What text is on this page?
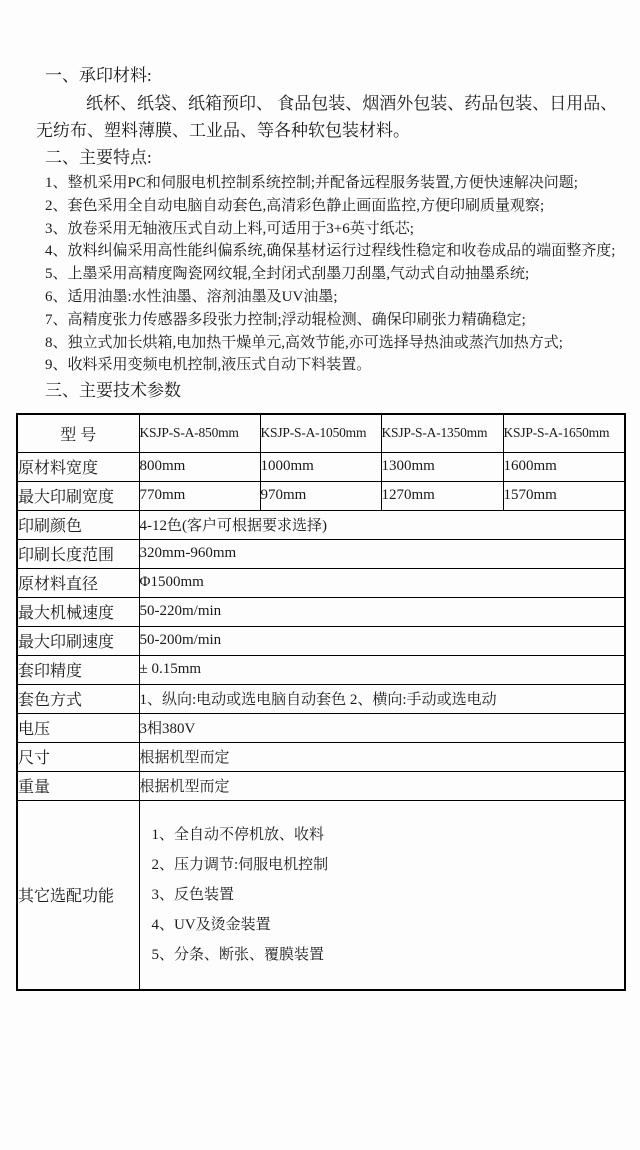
一、承印材料:

纸杯、纸袋、纸箱预印、 食品包装、烟酒外包装、药品包装、日用品、无纺布、塑料薄膜、工业品、等各种软包装材料。

二、主要特点:

1、整机采用PC和伺服电机控制系统控制;并配备远程服务装置,方便快速解决问题;
2、套色采用全自动电脑自动套色,高清彩色静止画面监控,方便印刷质量观察;
3、放卷采用无轴液压式自动上料,可适用于3+6英寸纸芯;
4、放料纠偏采用高性能纠偏系统,确保基材运行过程线性稳定和收卷成品的端面整齐度;
5、上墨采用高精度陶瓷网纹辊,全封闭式刮墨刀刮墨,气动式自动抽墨系统;
6、适用油墨:水性油墨、溶剂油墨及UV油墨;
7、高精度张力传感器多段张力控制;浮动辊检测、确保印刷张力精确稳定;
8、独立式加长烘箱,电加热干燥单元,高效节能,亦可选择导热油或蒸汽加热方式;
9、收料采用变频电机控制,液压式自动下料装置。

三、主要技术参数

型 号	KSJP-S-A-850mm	KSJP-S-A-1050mm	KSJP-S-A-1350mm	KSJP-S-A-1650mm
原材料宽度	800mm	1000mm	1300mm	1600mm
最大印刷宽度	770mm	970mm	1270mm	1570mm
印刷颜色	4-12色(客户可根据要求选择)			
印刷长度范围	320mm-960mm			
原材料直径	Φ1500mm			
最大机械速度	50-220m/min			
最大印刷速度	50-200m/min			
套印精度	± 0.15mm			
套色方式	1、纵向:电动或选电脑自动套色 2、横向:手动或选电动			
电压	3相380V			
尺寸	根据机型而定			
重量	根据机型而定			
其它选配功能	1、全自动不停机放、收料

2、压力调节:伺服电机控制

3、反色装置

4、UV及烫金装置

5、分条、断张、覆膜装置			
